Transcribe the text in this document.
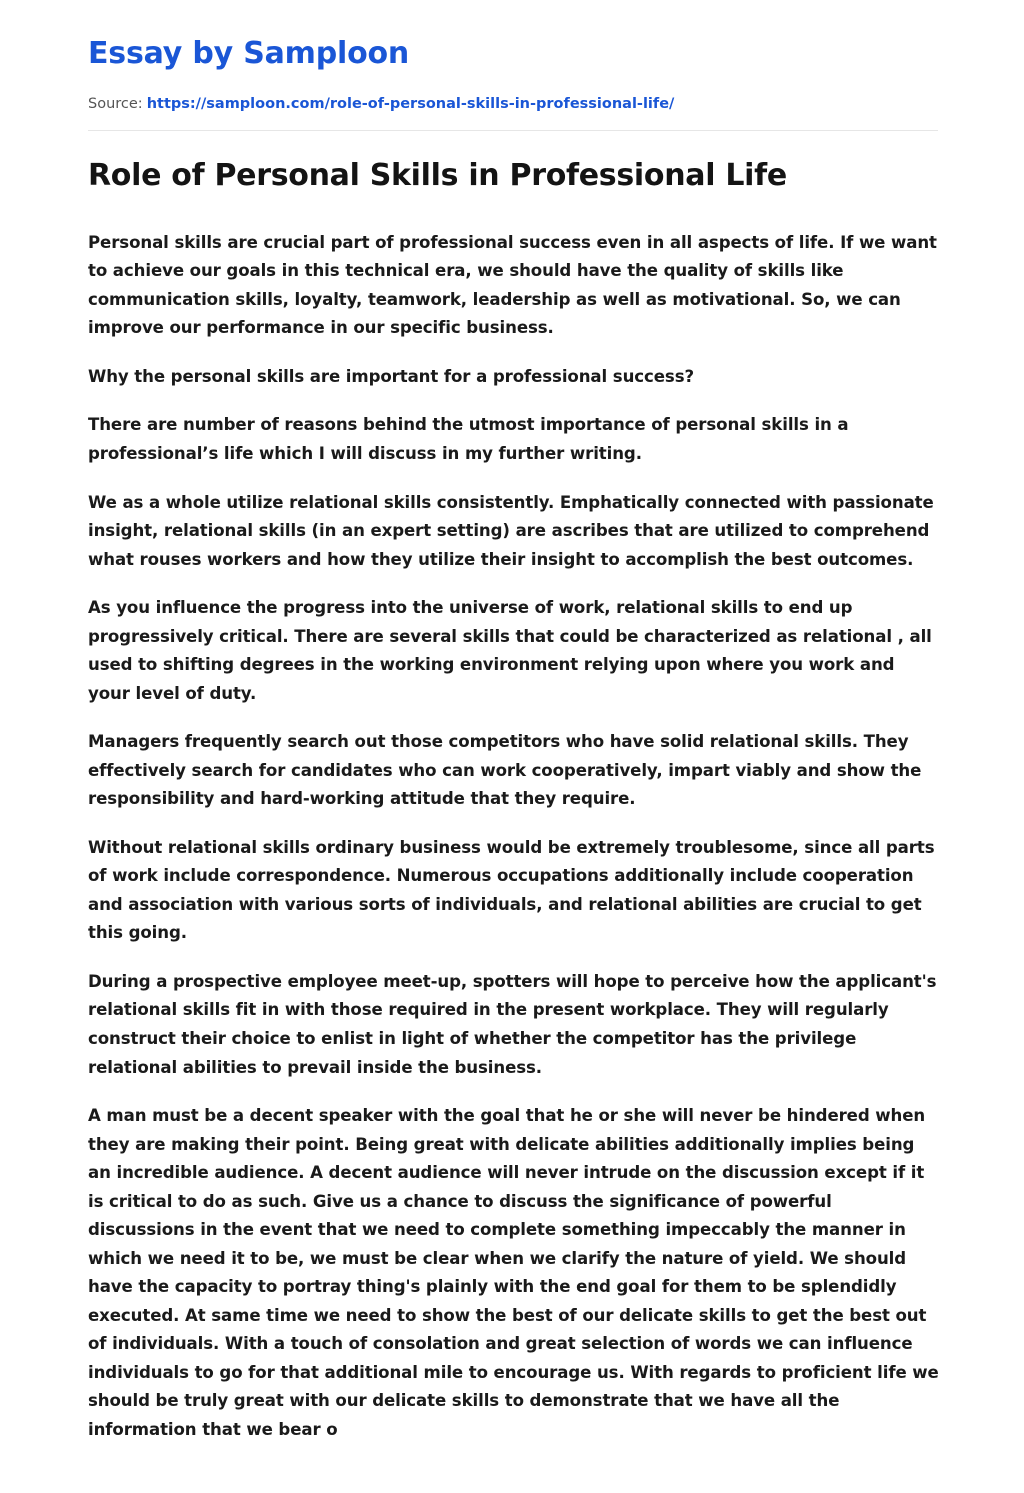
Essay by Samploon
Source: https://samploon.com/role-of-personal-skills-in-professional-life/
Role of Personal Skills in Professional Life

Personal skills are crucial part of professional success even in all aspects of life. If we want to achieve our goals in this technical era, we should have the quality of skills like communication skills, loyalty, teamwork, leadership as well as motivational. So, we can improve our performance in our specific business.

Why the personal skills are important for a professional success?

There are number of reasons behind the utmost importance of personal skills in a professional’s life which I will discuss in my further writing.

We as a whole utilize relational skills consistently. Emphatically connected with passionate insight, relational skills (in an expert setting) are ascribes that are utilized to comprehend what rouses workers and how they utilize their insight to accomplish the best outcomes.

As you influence the progress into the universe of work, relational skills to end up progressively critical. There are several skills that could be characterized as relational , all used to shifting degrees in the working environment relying upon where you work and your level of duty.

Managers frequently search out those competitors who have solid relational skills. They effectively search for candidates who can work cooperatively, impart viably and show the responsibility and hard-working attitude that they require.

Without relational skills ordinary business would be extremely troublesome, since all parts of work include correspondence. Numerous occupations additionally include cooperation and association with various sorts of individuals, and relational abilities are crucial to get this going.

During a prospective employee meet-up, spotters will hope to perceive how the applicant's relational skills fit in with those required in the present workplace. They will regularly construct their choice to enlist in light of whether the competitor has the privilege relational abilities to prevail inside the business.

A man must be a decent speaker with the goal that he or she will never be hindered when they are making their point. Being great with delicate abilities additionally implies being an incredible audience. A decent audience will never intrude on the discussion except if it is critical to do as such. Give us a chance to discuss the significance of powerful discussions in the event that we need to complete something impeccably the manner in which we need it to be, we must be clear when we clarify the nature of yield. We should have the capacity to portray thing's plainly with the end goal for them to be splendidly executed. At same time we need to show the best of our delicate skills to get the best out of individuals. With a touch of consolation and great selection of words we can influence individuals to go for that additional mile to encourage us. With regards to proficient life we should be truly great with our delicate skills to demonstrate that we have all the information that we bear o
